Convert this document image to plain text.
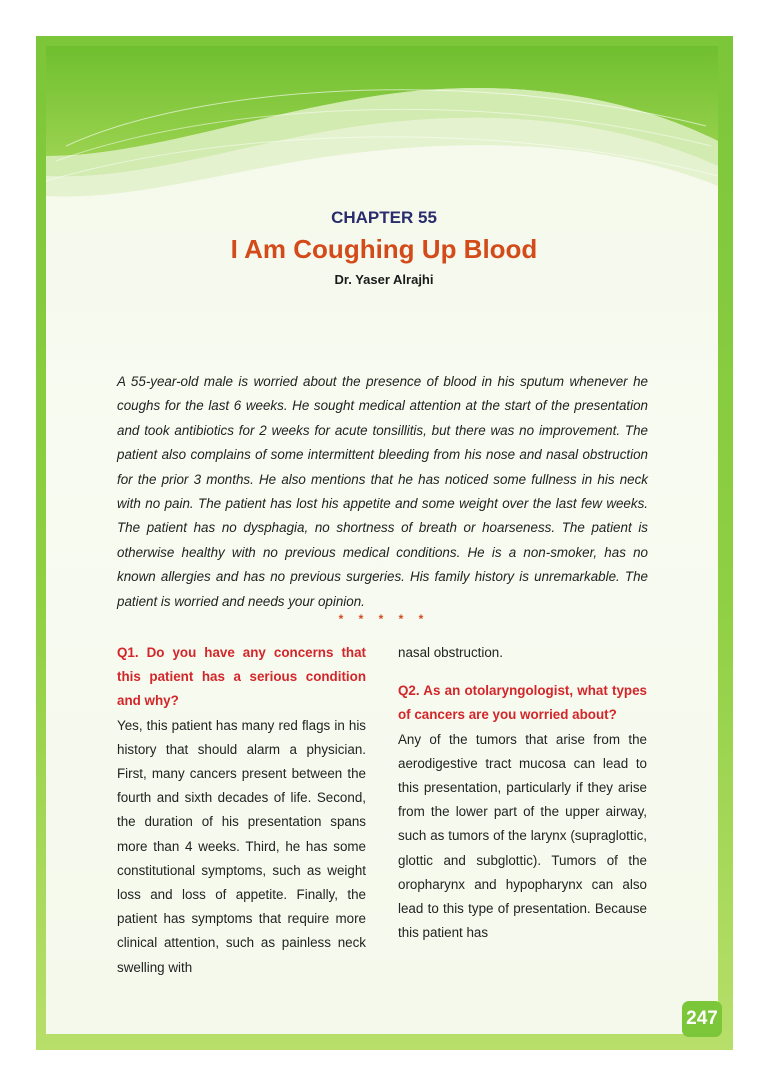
CHAPTER 55
I Am Coughing Up Blood
Dr. Yaser Alrajhi
A 55-year-old male is worried about the presence of blood in his sputum whenever he coughs for the last 6 weeks. He sought medical attention at the start of the presentation and took antibiotics for 2 weeks for acute tonsillitis, but there was no improvement. The patient also complains of some intermittent bleeding from his nose and nasal obstruction for the prior 3 months. He also mentions that he has noticed some fullness in his neck with no pain. The patient has lost his appetite and some weight over the last few weeks. The patient has no dysphagia, no shortness of breath or hoarseness. The patient is otherwise healthy with no previous medical conditions. He is a non-smoker, has no known allergies and has no previous surgeries. His family history is unremarkable. The patient is worried and needs your opinion.
* * * * *
Q1. Do you have any concerns that this patient has a serious condition and why?
Yes, this patient has many red flags in his history that should alarm a physician. First, many cancers present between the fourth and sixth decades of life. Second, the duration of his presentation spans more than 4 weeks. Third, he has some constitutional symptoms, such as weight loss and loss of appetite. Finally, the patient has symptoms that require more clinical attention, such as painless neck swelling with
nasal obstruction.
Q2. As an otolaryngologist, what types of cancers are you worried about?
Any of the tumors that arise from the aerodigestive tract mucosa can lead to this presentation, particularly if they arise from the lower part of the upper airway, such as tumors of the larynx (supraglottic, glottic and subglottic). Tumors of the oropharynx and hypopharynx can also lead to this type of presentation. Because this patient has
247
